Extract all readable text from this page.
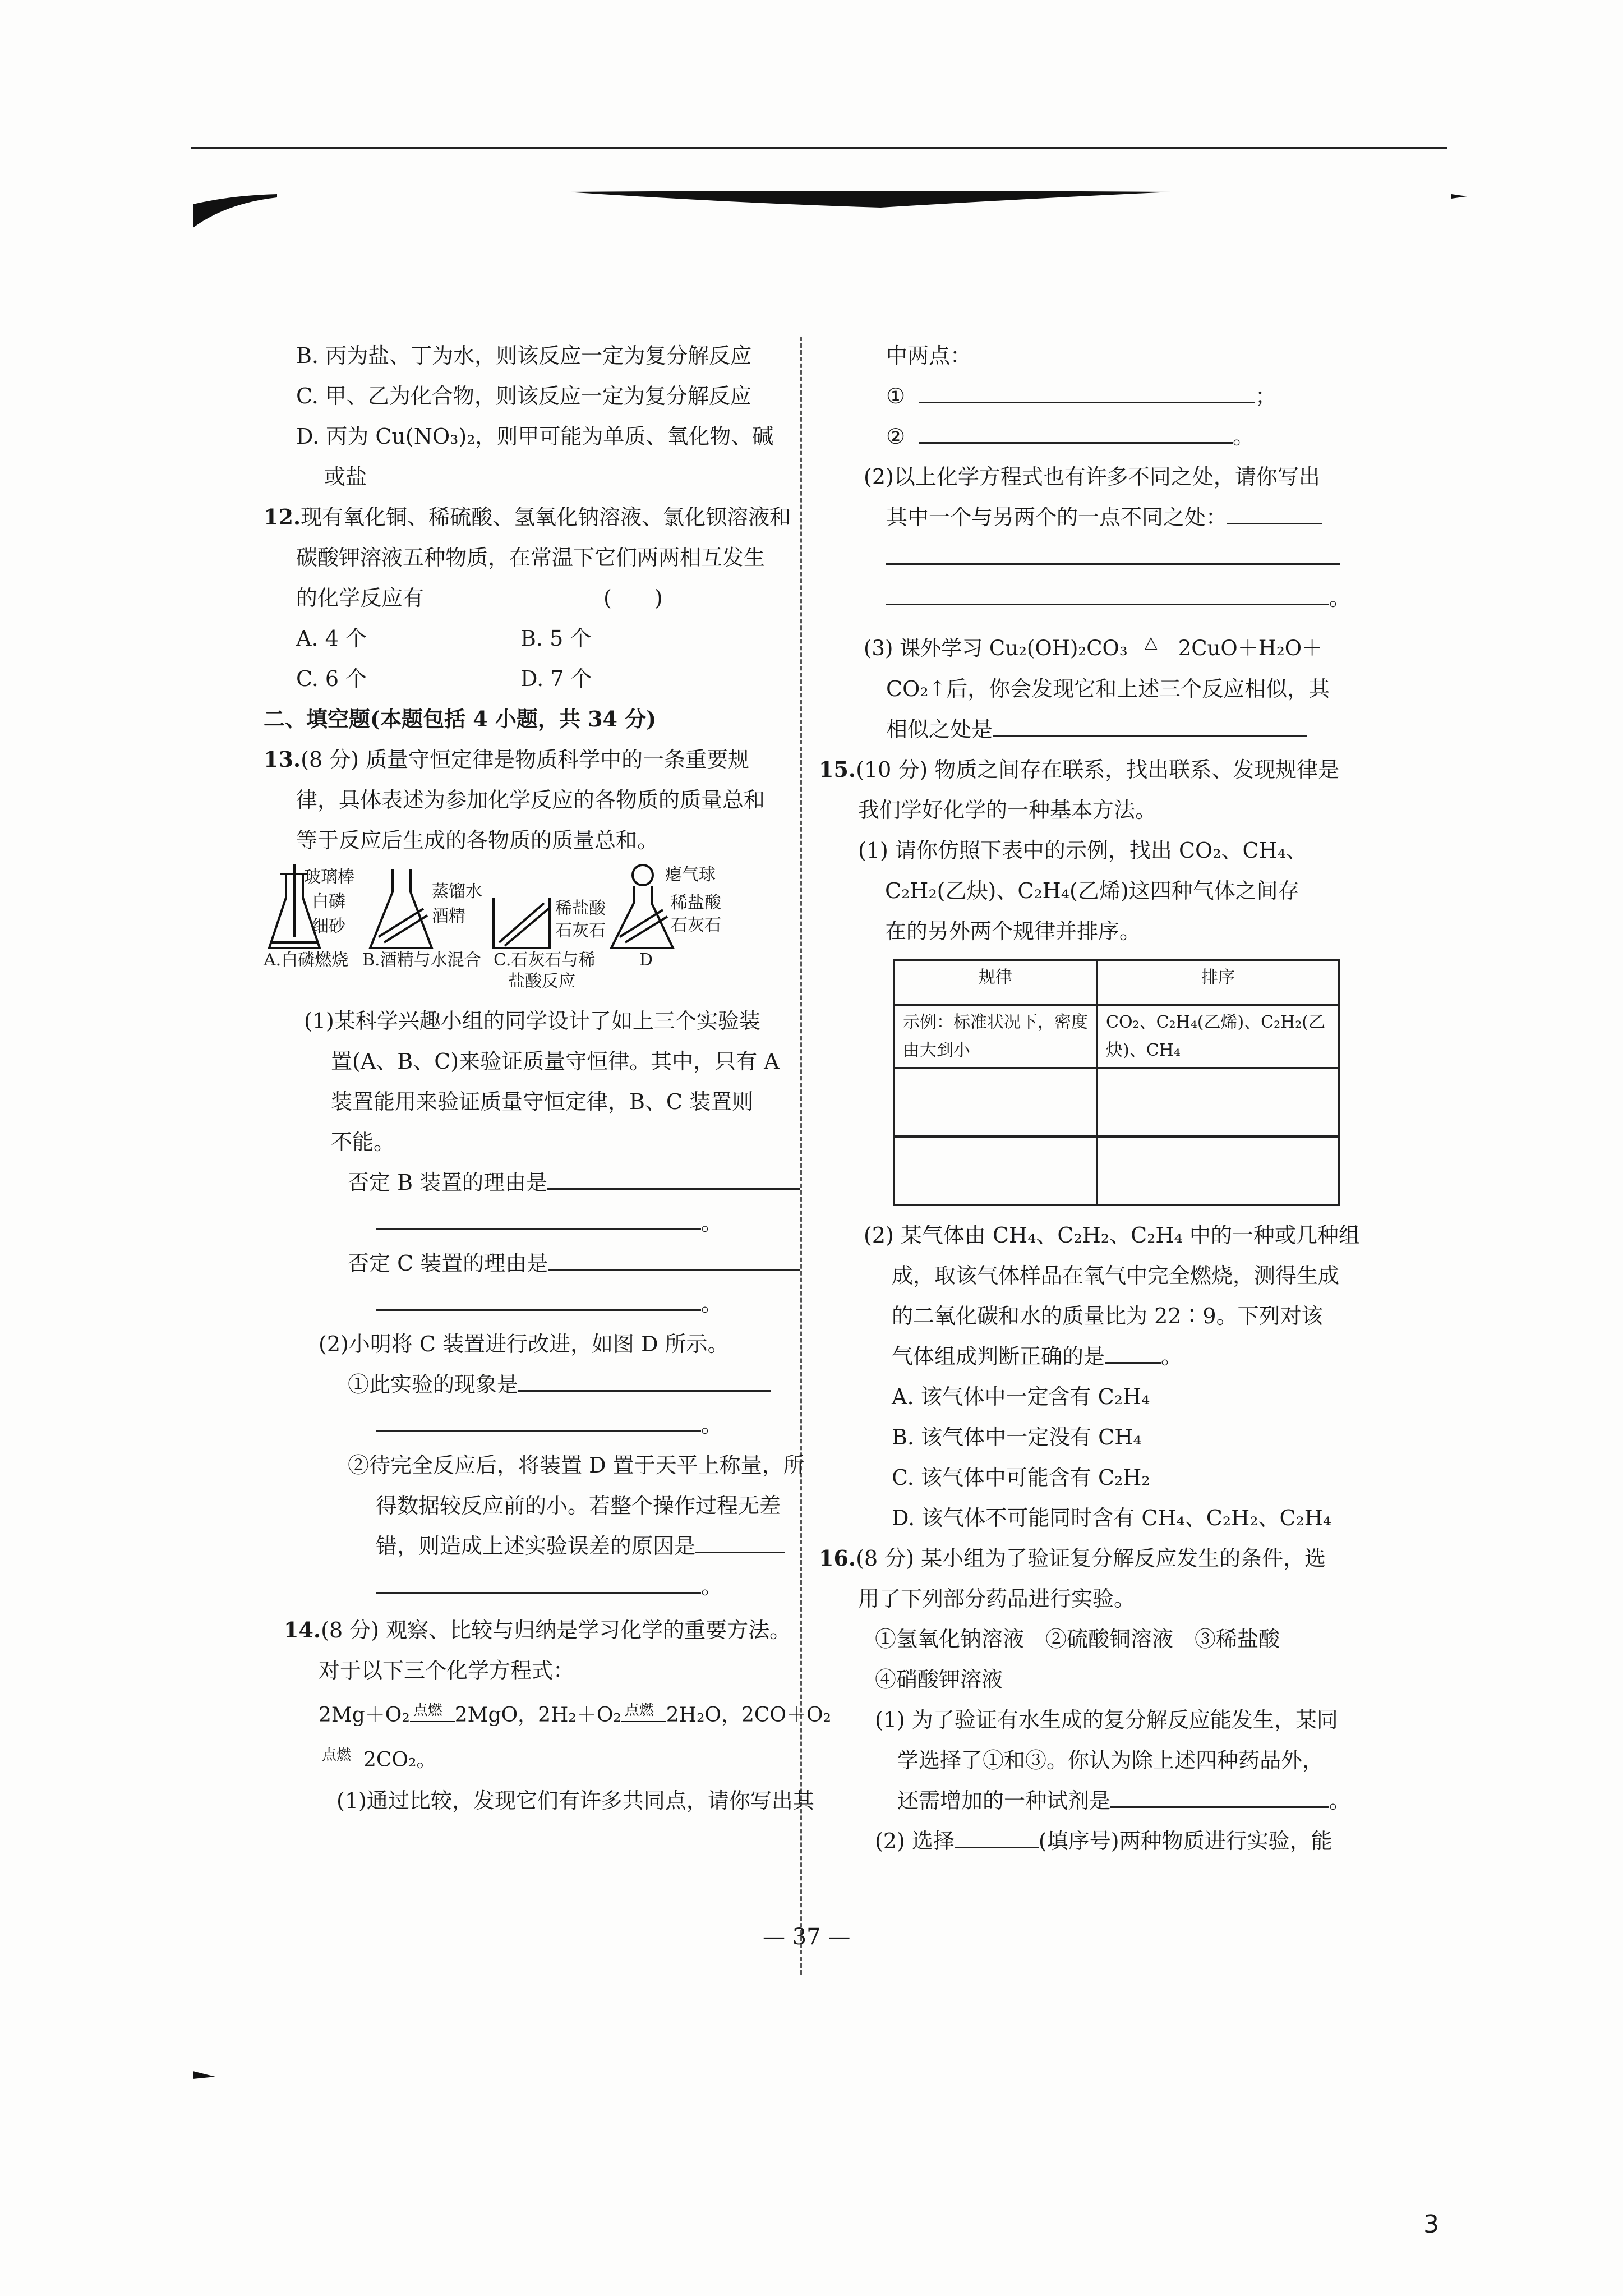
B. 丙为盐、丁为水，则该反应一定为复分解反应

C. 甲、乙为化合物，则该反应一定为复分解反应

D. 丙为 Cu(NO₃)₂，则甲可能为单质、氧化物、碱

或盐

12.现有氧化铜、稀硫酸、氢氧化钠溶液、氯化钡溶液和

碳酸钾溶液五种物质，在常温下它们两两相互发生

的化学反应有	(　　)

A. 4 个	B. 5 个

C. 6 个	D. 7 个

二、填空题(本题包括 4 小题，共 34 分)

13.(8 分) 质量守恒定律是物质科学中的一条重要规

律，具体表述为参加化学反应的各物质的质量总和

等于反应后生成的各物质的质量总和。

玻璃棒
白磷
细砂
蒸馏水
酒精	稀盐酸
石灰石
瘪气球
稀盐酸
石灰石
A.白磷燃烧 B.酒精与水混合 C.石灰石与稀
盐酸反应
D

(1)某科学兴趣小组的同学设计了如上三个实验装

置(A、B、C)来验证质量守恒律。其中，只有 A

装置能用来验证质量守恒定律，B、C 装置则

不能。

否定 B 装置的理由是

。

否定 C 装置的理由是

。

(2)小明将 C 装置进行改进，如图 D 所示。

①此实验的现象是

。

②待完全反应后，将装置 D 置于天平上称量，所

得数据较反应前的小。若整个操作过程无差

错，则造成上述实验误差的原因是

。

14.(8 分) 观察、比较与归纳是学习化学的重要方法。

对于以下三个化学方程式：

2Mg＋O₂ 点燃 2MgO，2H₂＋O₂ 点燃 2H₂O，2CO＋O₂

点燃 2CO₂。

(1)通过比较，发现它们有许多共同点，请你写出其

中两点：

①	；

②	。

(2)以上化学方程式也有许多不同之处，请你写出

其中一个与另两个的一点不同之处：

。

(3) 课外学习 Cu₂(OH)₂CO₃ △ 2CuO＋H₂O＋

CO₂↑后，你会发现它和上述三个反应相似，其

相似之处是

15.(10 分) 物质之间存在联系，找出联系、发现规律是

我们学好化学的一种基本方法。

(1) 请你仿照下表中的示例，找出 CO₂、CH₄、

C₂H₂(乙炔)、C₂H₄(乙烯)这四种气体之间存

在的另外两个规律并排序。

规律	排序
示例：标准状况下，密度由大到小	CO₂、C₂H₄(乙烯)、C₂H₂(乙炔)、CH₄

(2) 某气体由 CH₄、C₂H₂、C₂H₄ 中的一种或几种组

成，取该气体样品在氧气中完全燃烧，测得生成

的二氧化碳和水的质量比为 22∶9。下列对该

气体组成判断正确的是	。

A. 该气体中一定含有 C₂H₄

B. 该气体中一定没有 CH₄

C. 该气体中可能含有 C₂H₂

D. 该气体不可能同时含有 CH₄、C₂H₂、C₂H₄

16.(8 分) 某小组为了验证复分解反应发生的条件，选

用了下列部分药品进行实验。

①氢氧化钠溶液　②硫酸铜溶液　③稀盐酸

④硝酸钾溶液

(1) 为了验证有水生成的复分解反应能发生，某同

学选择了①和③。你认为除上述四种药品外，

还需增加的一种试剂是	。

(2) 选择	(填序号)两种物质进行实验，能

— 37 —
3
